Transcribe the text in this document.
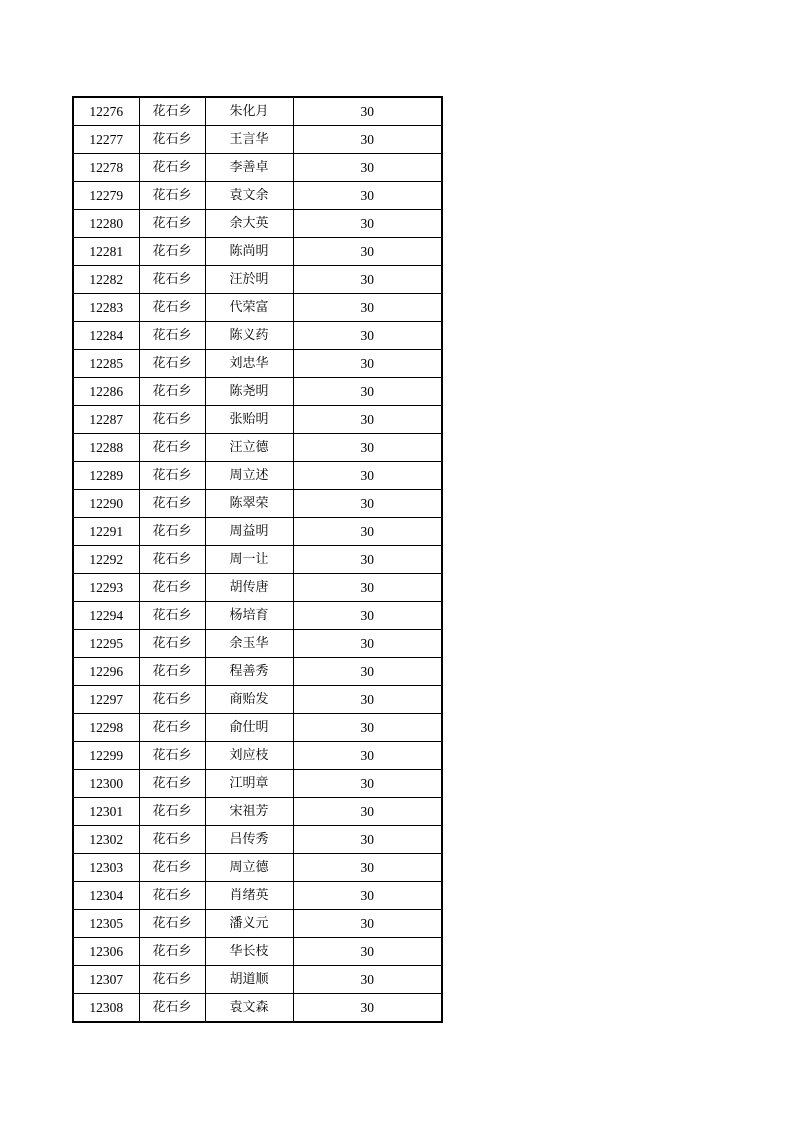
12276	花石乡	朱化月	30
12277	花石乡	王言华	30
12278	花石乡	李善卓	30
12279	花石乡	袁文余	30
12280	花石乡	余大英	30
12281	花石乡	陈尚明	30
12282	花石乡	汪於明	30
12283	花石乡	代荣富	30
12284	花石乡	陈义药	30
12285	花石乡	刘忠华	30
12286	花石乡	陈尧明	30
12287	花石乡	张贻明	30
12288	花石乡	汪立德	30
12289	花石乡	周立述	30
12290	花石乡	陈翠荣	30
12291	花石乡	周益明	30
12292	花石乡	周一让	30
12293	花石乡	胡传唐	30
12294	花石乡	杨培育	30
12295	花石乡	余玉华	30
12296	花石乡	程善秀	30
12297	花石乡	商贻发	30
12298	花石乡	俞仕明	30
12299	花石乡	刘应枝	30
12300	花石乡	江明章	30
12301	花石乡	宋祖芳	30
12302	花石乡	吕传秀	30
12303	花石乡	周立德	30
12304	花石乡	肖绪英	30
12305	花石乡	潘义元	30
12306	花石乡	华长枝	30
12307	花石乡	胡道顺	30
12308	花石乡	袁文森	30
